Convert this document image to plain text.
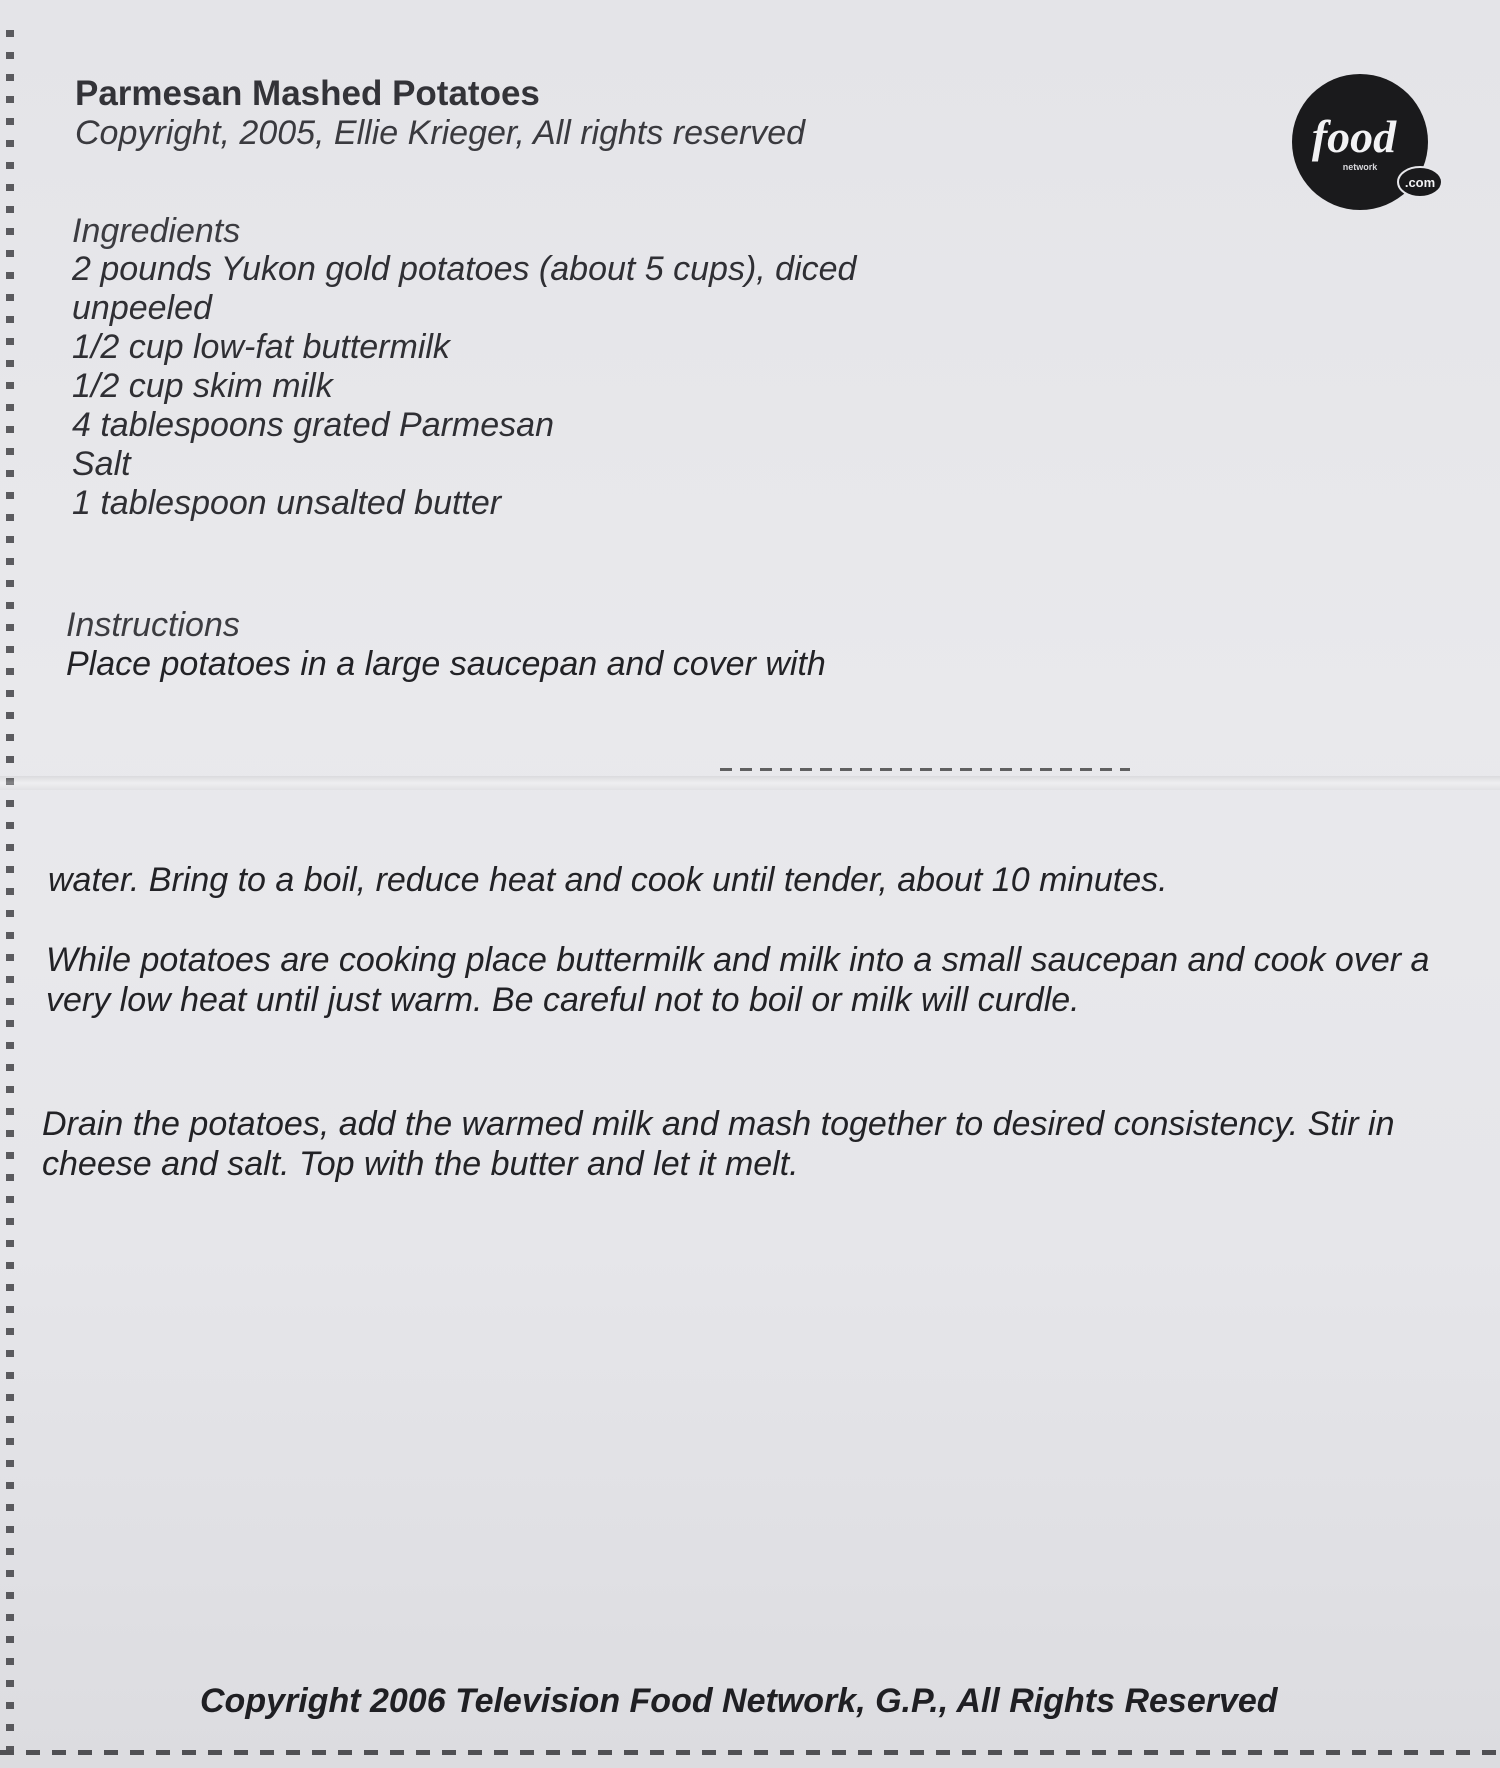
Parmesan Mashed Potatoes

Copyright, 2005, Ellie Krieger, All rights reserved	food
network
.com

Ingredients

2 pounds Yukon gold potatoes (about 5 cups), diced
unpeeled
1/2 cup low-fat buttermilk
1/2 cup skim milk
4 tablespoons grated Parmesan
Salt
1 tablespoon unsalted butter

Instructions

Place potatoes in a large saucepan and cover with

water. Bring to a boil, reduce heat and cook until tender, about 10 minutes.

While potatoes are cooking place buttermilk and milk into a small saucepan and cook over a very low heat until just warm. Be careful not to boil or milk will curdle.

Drain the potatoes, add the warmed milk and mash together to desired consistency. Stir in cheese and salt. Top with the butter and let it melt.

Copyright 2006 Television Food Network, G.P., All Rights Reserved
